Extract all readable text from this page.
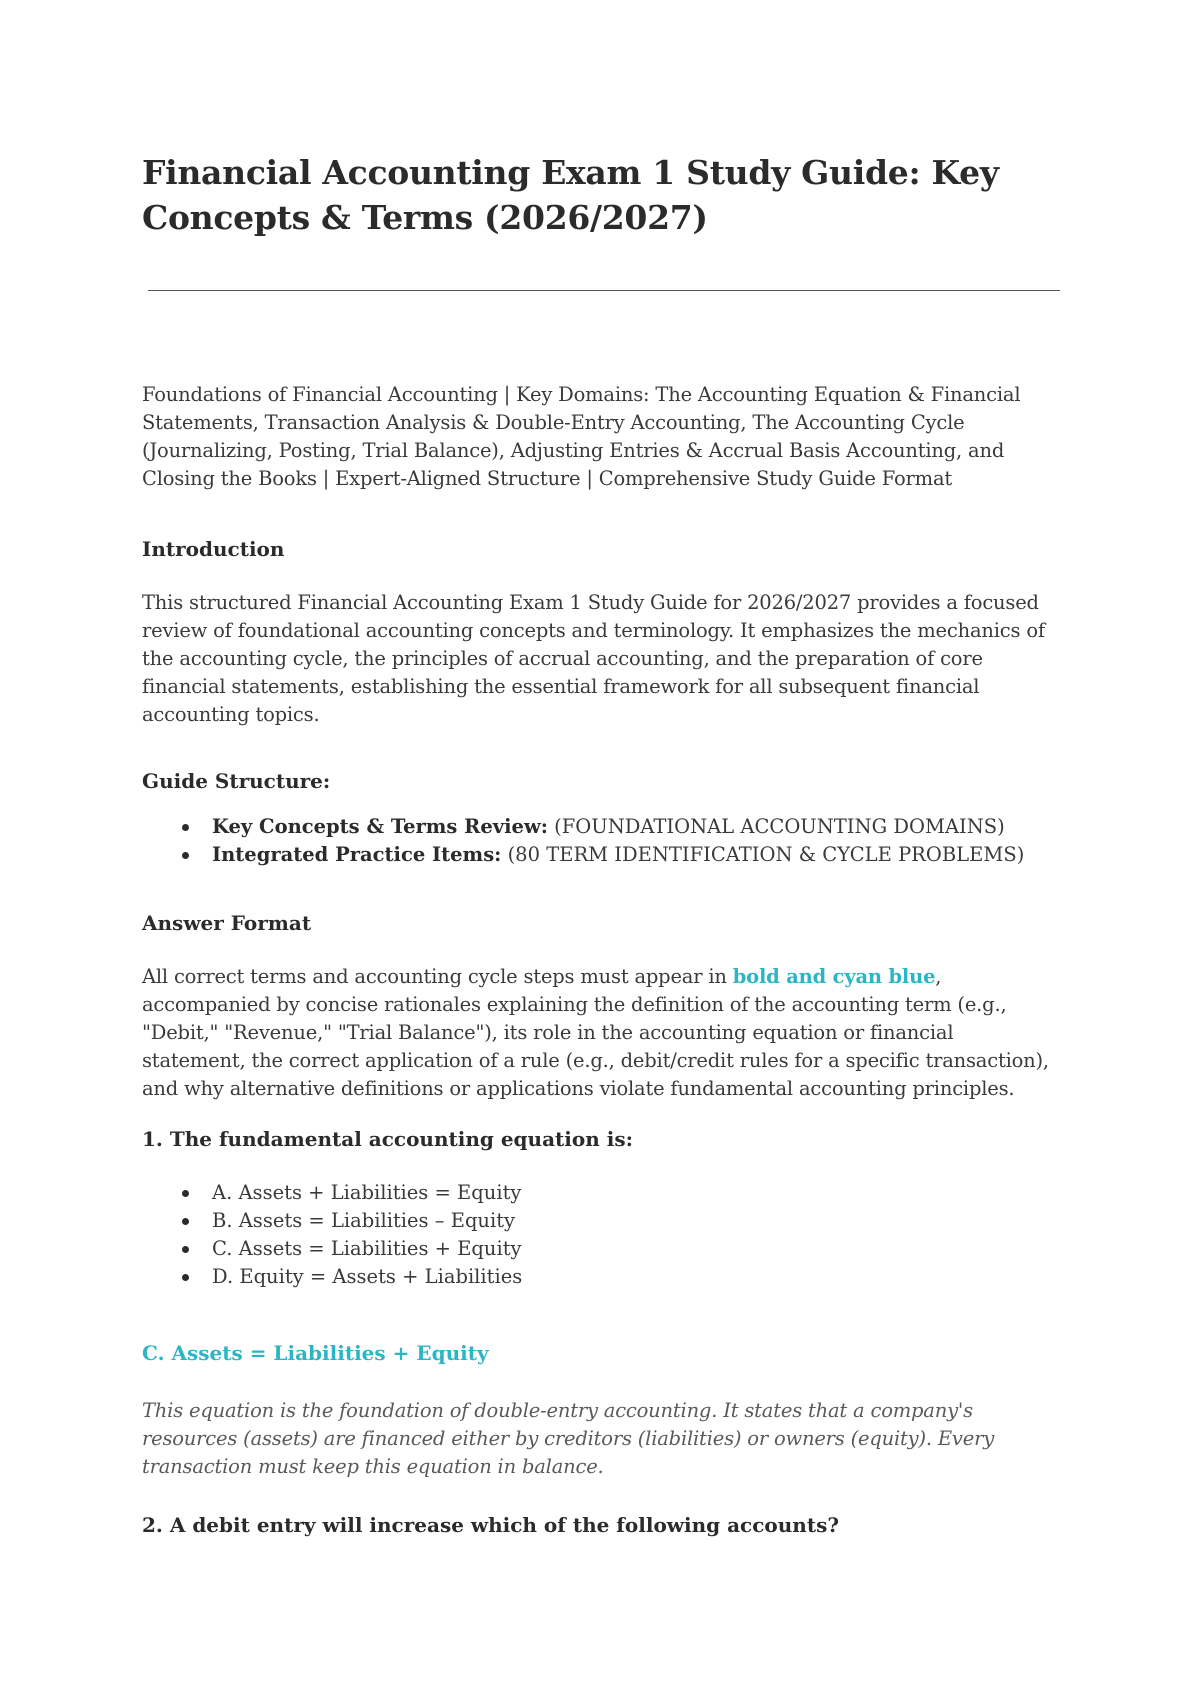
Financial Accounting Exam 1 Study Guide: Key Concepts & Terms (2026/2027)
Foundations of Financial Accounting | Key Domains: The Accounting Equation & Financial Statements, Transaction Analysis & Double-Entry Accounting, The Accounting Cycle (Journalizing, Posting, Trial Balance), Adjusting Entries & Accrual Basis Accounting, and Closing the Books | Expert-Aligned Structure | Comprehensive Study Guide Format
Introduction
This structured Financial Accounting Exam 1 Study Guide for 2026/2027 provides a focused review of foundational accounting concepts and terminology. It emphasizes the mechanics of the accounting cycle, the principles of accrual accounting, and the preparation of core financial statements, establishing the essential framework for all subsequent financial accounting topics.
Guide Structure:
Key Concepts & Terms Review: (FOUNDATIONAL ACCOUNTING DOMAINS)
Integrated Practice Items: (80 TERM IDENTIFICATION & CYCLE PROBLEMS)
Answer Format
All correct terms and accounting cycle steps must appear in bold and cyan blue, accompanied by concise rationales explaining the definition of the accounting term (e.g., "Debit," "Revenue," "Trial Balance"), its role in the accounting equation or financial statement, the correct application of a rule (e.g., debit/credit rules for a specific transaction), and why alternative definitions or applications violate fundamental accounting principles.
1. The fundamental accounting equation is:
A. Assets + Liabilities = Equity
B. Assets = Liabilities – Equity
C. Assets = Liabilities + Equity
D. Equity = Assets + Liabilities
C. Assets = Liabilities + Equity
This equation is the foundation of double-entry accounting. It states that a company's resources (assets) are financed either by creditors (liabilities) or owners (equity). Every transaction must keep this equation in balance.
2. A debit entry will increase which of the following accounts?
